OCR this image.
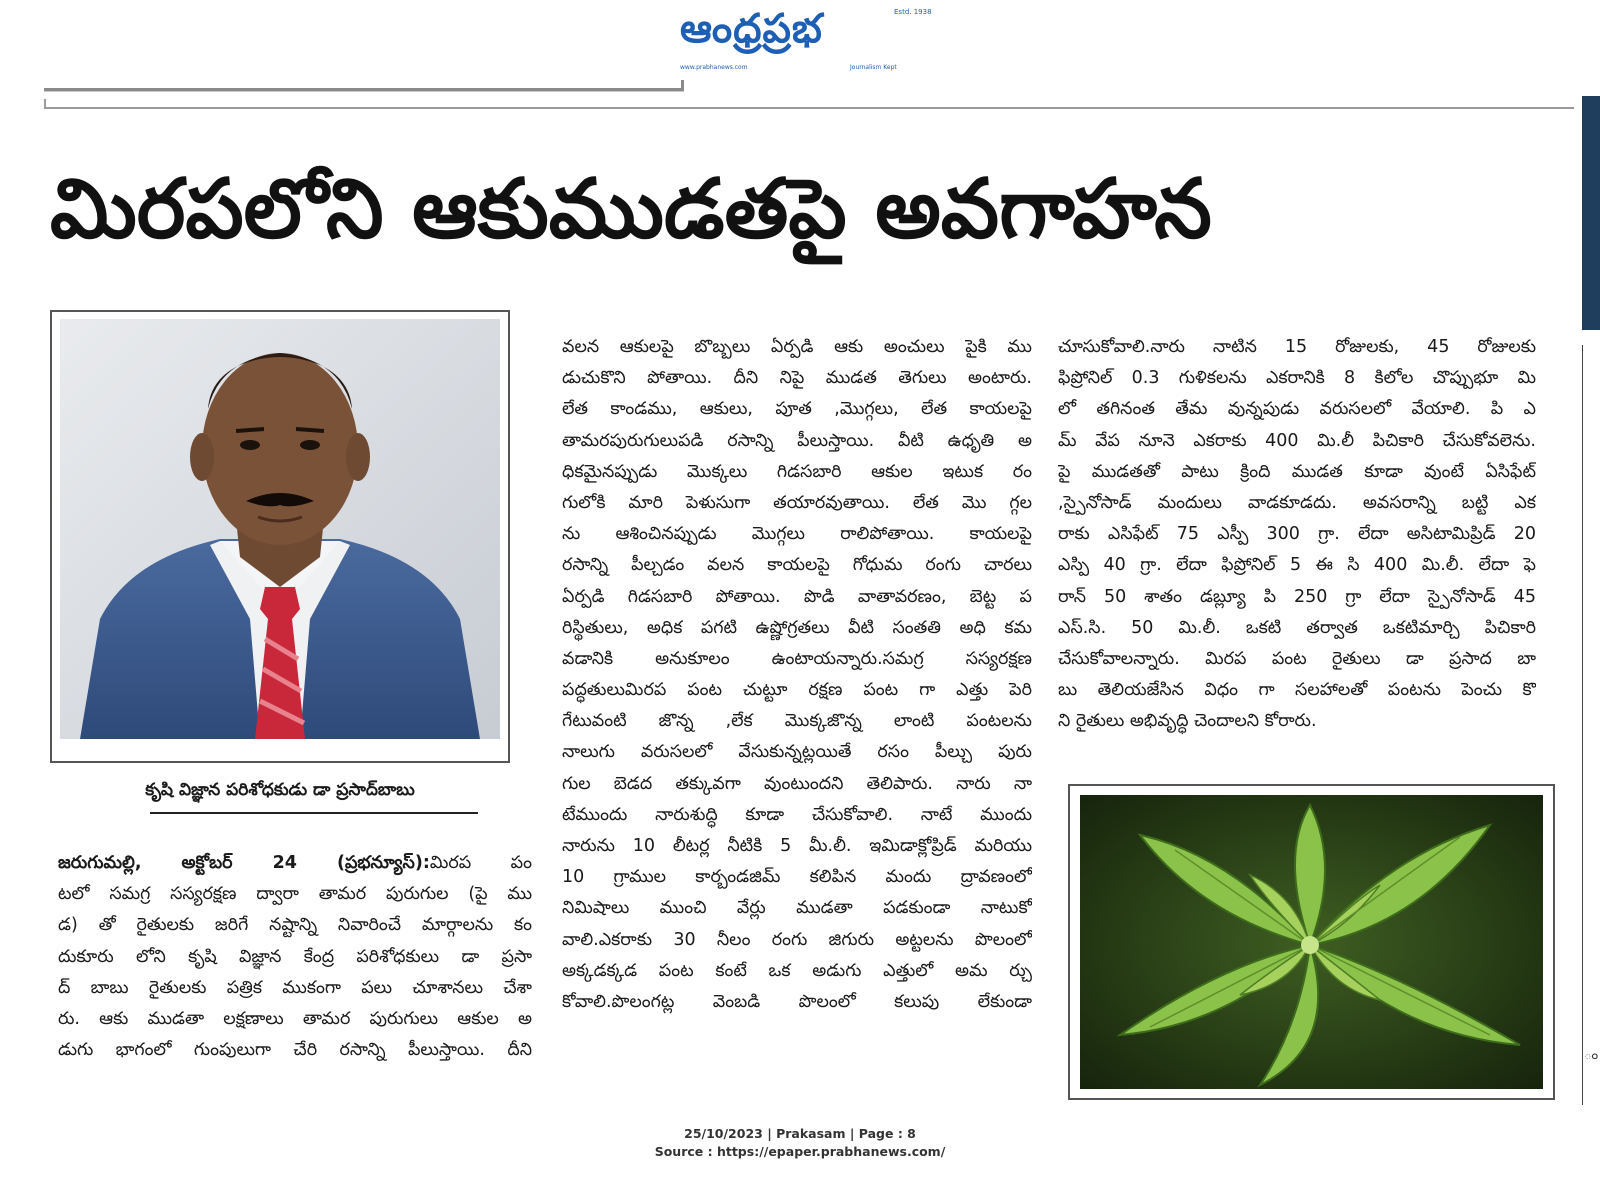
ఆంధ్రప్రభ	Estd. 1938
www.prabhanews.com	Journalism Kept
ం
మిరపలోని ఆకుముడతపై అవగాహన
కృషి విజ్ఞాన పరిశోధకుడు డా ప్రసాద్‌బాబు
జరుగుమల్లి, అక్టోబర్ 24 (ప్రభన్యూస్):మిరప పం
టలో సమగ్ర సస్యరక్షణ ద్వారా తామర పురుగుల (పై ము
డ) తో రైతులకు జరిగే నష్టాన్ని నివారించే మార్గాలను కం
దుకూరు లోని కృషి విజ్ఞాన కేంద్ర పరిశోధకులు డా ప్రసా
ద్ బాబు రైతులకు పత్రిక ముకంగా పలు చూశానలు చేశా
రు. ఆకు ముడతా లక్షణాలు తామర పురుగులు ఆకుల అ
డుగు భాగంలో గుంపులుగా చేరి రసాన్ని పీలుస్తాయి. దీని
వలన ఆకులపై బొబ్బలు ఏర్పడి ఆకు అంచులు పైకి ము
డుచుకొని పోతాయి. దీని నిపై ముడత తెగులు అంటారు.
లేత కాండము, ఆకులు, పూత ,మొగ్గలు, లేత కాయలపై
తామరపురుగులుపడి రసాన్ని పీలుస్తాయి. వీటి ఉధృతి అ
ధికమైనప్పుడు మొక్కలు గిడసబారి ఆకుల ఇటుక రం
గులోకి మారి పెళుసుగా తయారవుతాయి. లేత మొ గ్గల
ను ఆశించినప్పుడు మొగ్గలు రాలిపోతాయి. కాయలపై
రసాన్ని పీల్చడం వలన కాయలపై గోధుమ రంగు చారలు
ఏర్పడి గిడసబారి పోతాయి. పొడి వాతావరణం, బెట్ట ప
రిస్థితులు, అధిక పగటి ఉష్ణోగ్రతలు వీటి సంతతి అధి కమ
వడానికి అనుకూలం ఉంటాయన్నారు.సమగ్ర సస్యరక్షణ
పద్ధతులుమిరప పంట చుట్టూ రక్షణ పంట గా ఎత్తు పెరి
గేటువంటి జొన్న ,లేక మొక్కజొన్న లాంటి పంటలను
నాలుగు వరుసలలో వేసుకున్నట్లయితే రసం పీల్చు పురు
గుల బెడద తక్కువగా వుంటుందని తెలిపారు. నారు నా
టేముందు నారుశుద్ధి కూడా చేసుకోవాలి. నాటే ముందు
నారును 10 లీటర్ల నీటికి 5 మీ.లీ. ఇమిడాక్లోప్రిడ్ మరియు
10 గ్రాముల కార్బండజిమ్ కలిపిన మందు ద్రావణంలో
నిమిషాలు ముంచి వేర్లు ముడతా పడకుండా నాటుకో
వాలి.ఎకరాకు 30 నీలం రంగు జిగురు అట్టలను పొలంలో
అక్కడక్కడ పంట కంటే ఒక అడుగు ఎత్తులో అమ ర్చు
కోవాలి.పొలంగట్ల వెంబడి పొలంలో కలుపు లేకుండా
చూసుకోవాలి.నారు నాటిన 15 రోజులకు, 45 రోజులకు
ఫిప్రోనిల్ 0.3 గుళికలను ఎకరానికి 8 కిలోల చొప్పుభూ మి
లో తగినంత తేమ వున్నపుడు వరుసలలో వేయాలి. పి ఎ
మ్ వేప నూనె ఎకరాకు 400 మి.లీ పిచికారి చేసుకోవలెను.
పై ముడతతో పాటు క్రింది ముడత కూడా వుంటే ఏసిఫేట్
,స్పైనోసాడ్ మందులు వాడకూడదు. అవసరాన్ని బట్టి ఎక
రాకు ఎసిఫేట్ 75 ఎస్పీ 300 గ్రా. లేదా అసిటామిప్రిడ్ 20
ఎస్పి 40 గ్రా. లేదా ఫిప్రోనిల్ 5 ఈ సి 400 మి.లీ. లేదా ఫె
రాన్ 50 శాతం డబ్ల్యూ పి 250 గ్రా లేదా స్పైనోసాడ్ 45
ఎస్.సి. 50 మి.లీ. ఒకటి తర్వాత ఒకటిమార్చి పిచికారి
చేసుకోవాలన్నారు. మిరప పంట రైతులు డా ప్రసాద బా
బు తెలియజేసిన విధం గా సలహాలతో పంటను పెంచు కొ
ని రైతులు అభివృద్ధి చెందాలని కోరారు.
25/10/2023 | Prakasam | Page : 8
Source : https://epaper.prabhanews.com/
